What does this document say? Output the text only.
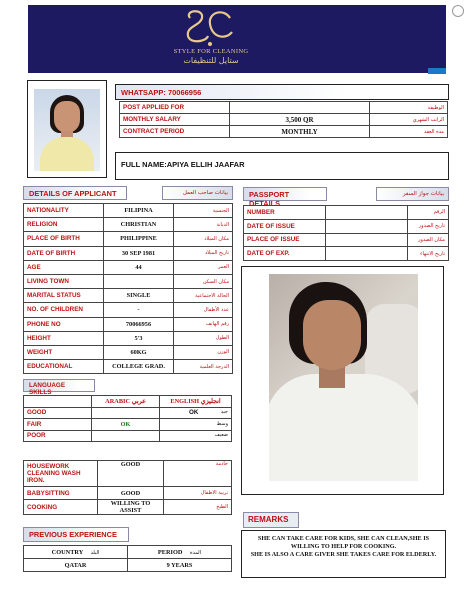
STYLE FOR CLEANING
ستايل للتنظيفات
WHATSAPP: 70066956
POST APPLIED FOR		الوظيفة
MONTHLY SALARY	3,500 QR	الراتب الشهري
CONTRACT PERIOD	MONTHLY	مدة العقد
FULL NAME:APIYA ELLIH JAAFAR
DETAILS OF APPLICANT	بيانات صاحب العمل
NATIONALITY	FILIPINA	الجنسية
RELIGION	CHRISTIAN	الديانة
PLACE OF BIRTH	PHILIPPINE	مكان الميلاد
DATE OF BIRTH	30 SEP 1981	تاريخ الميلاد
AGE	44	العمر
LIVING TOWN		مكان السكن
MARITAL STATUS	SINGLE	الحالة الاجتماعية
NO. OF CHILDREN	-	عدد الأطفال
PHONE NO	70066956	رقم الهاتف
HEIGHT	5'3	الطول
WEIGHT	60KG	الوزن
EDUCATIONAL	COLLEGE GRAD.	الدرجة العلمية
PASSPORT DETAILS
بيانات جواز السفر
NUMBER		الرقم
DATE OF ISSUE		تاريخ الصدور
PLACE OF ISSUE		مكان الصدور
DATE OF EXP.		تاريخ الانتهاء
LANGUAGE SKILLS
	ARABIC عربي	ENGLISH انجليزي
GOOD		OK جيد

FAIR	OK	وسط

POOR		ضعيف
HOUSEWORK CLEANING WASH IRON.	GOOD	خادمة
BABYSITTING	GOOD	تربية الاطفال
COOKING	WILLING TO ASSIST	الطبخ
PREVIOUS EXPERIENCE
COUNTRY البلد	PERIOD المدة
QATAR	9 YEARS
REMARKS
SHE CAN TAKE CARE FOR KIDS, SHE CAN CLEAN,SHE IS WILLING TO HELP FOR COOKING.
SHE IS ALSO A CARE GIVER SHE TAKES CARE FOR ELDERLY.
